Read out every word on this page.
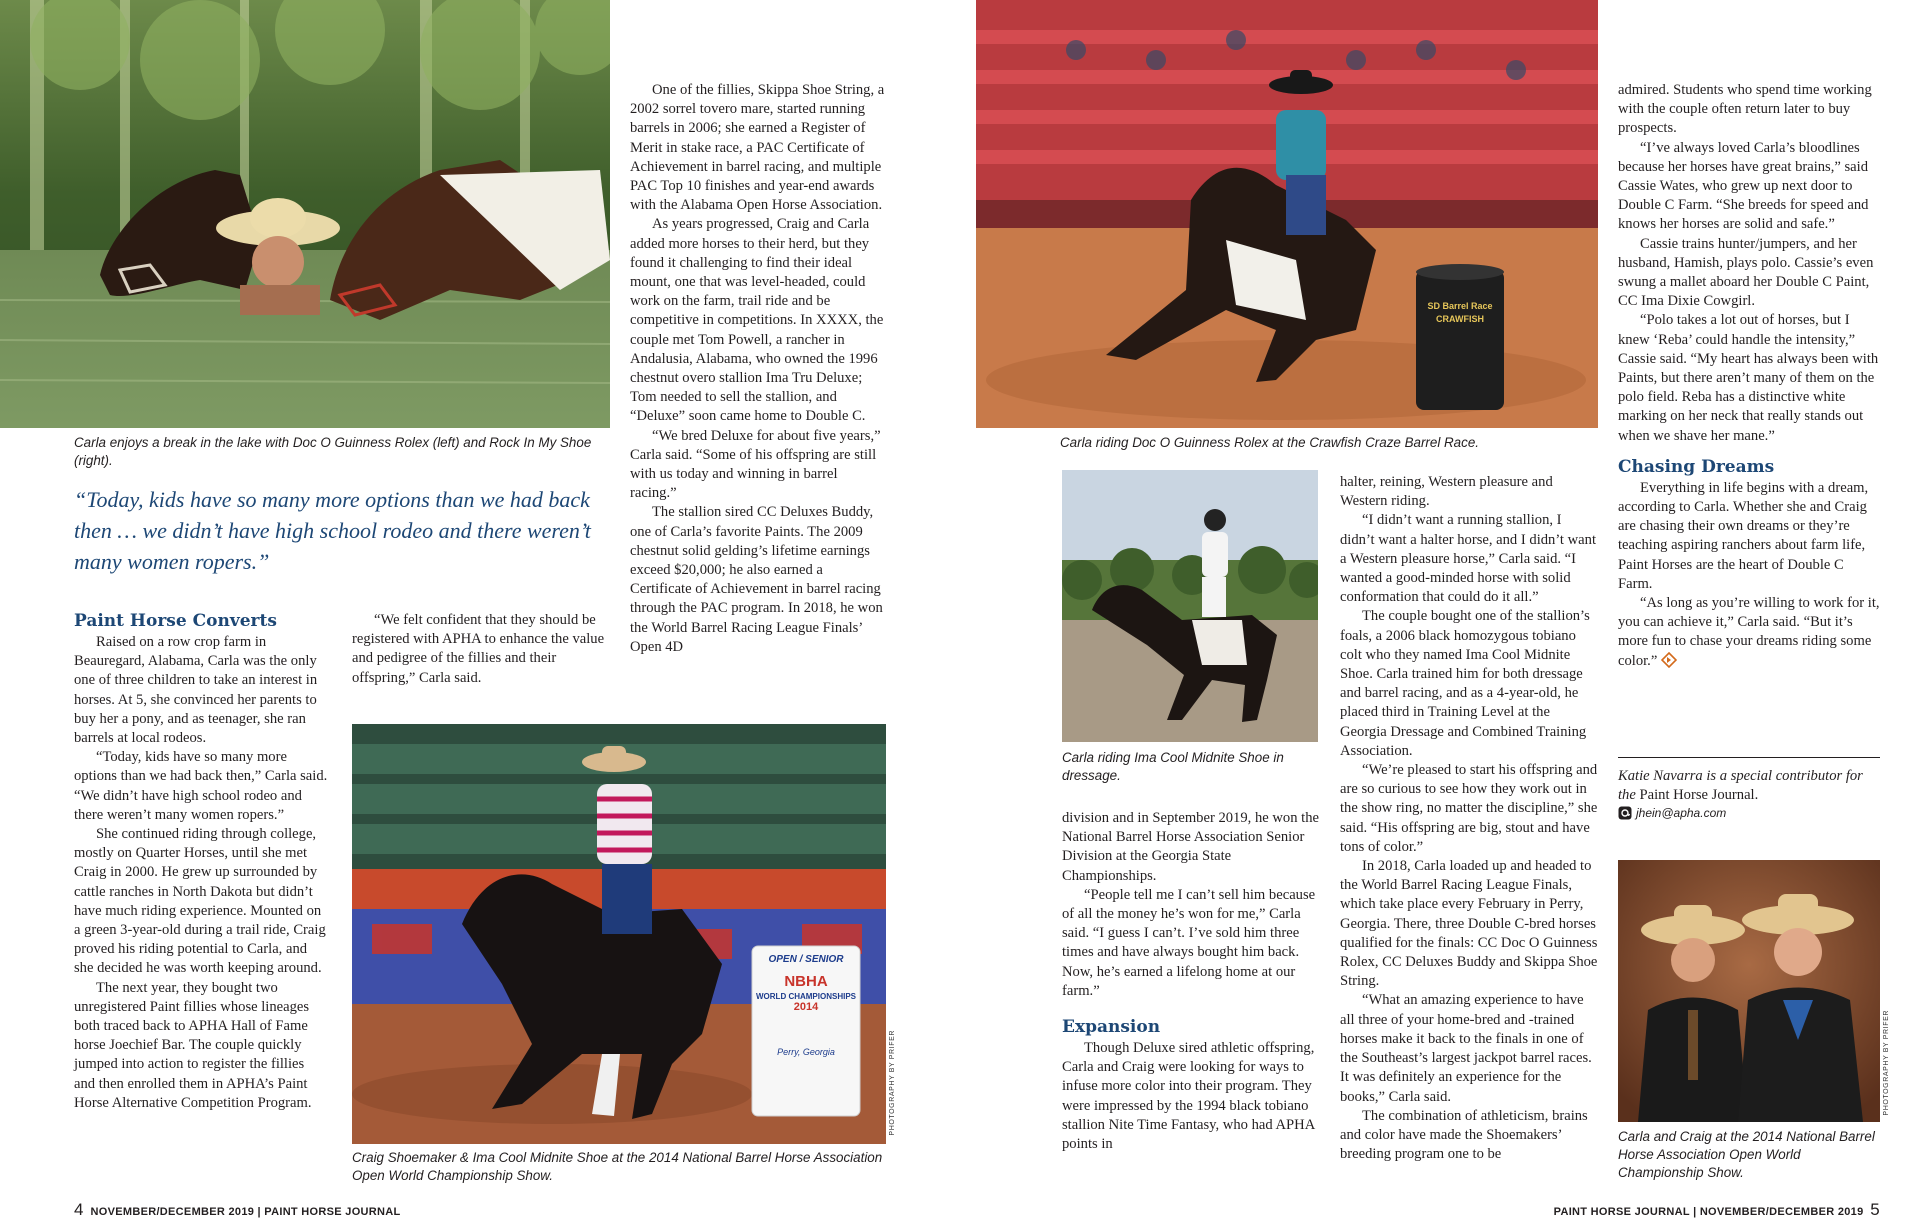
Carla enjoys a break in the lake with Doc O Guinness Rolex (left) and Rock In My Shoe (right).
“Today, kids have so many more options than we had back then … we didn’t have high school rodeo and there weren’t many women ropers.”
Paint Horse Converts

Raised on a row crop farm in Beauregard, Alabama, Carla was the only one of three children to take an interest in horses. At 5, she convinced her parents to buy her a pony, and as teenager, she ran barrels at local rodeos.

“Today, kids have so many more options than we had back then,” Carla said. “We didn’t have high school rodeo and there weren’t many women ropers.”

She continued riding through college, mostly on Quarter Horses, until she met Craig in 2000. He grew up surrounded by cattle ranches in North Dakota but didn’t have much riding experience. Mounted on a green 3-year-old during a trail ride, Craig proved his riding potential to Carla, and she decided he was worth keeping around.

The next year, they bought two unregistered Paint fillies whose lineages both traced back to APHA Hall of Fame horse Joechief Bar. The couple quickly jumped into action to register the fillies and then enrolled them in APHA’s Paint Horse Alternative Competition Program.

“We felt confident that they should be registered with APHA to enhance the value and pedigree of the fillies and their offspring,” Carla said.

One of the fillies, Skippa Shoe String, a 2002 sorrel tovero mare, started running barrels in 2006; she earned a Register of Merit in stake race, a PAC Certificate of Achievement in barrel racing, and multiple PAC Top 10 finishes and year-end awards with the Alabama Open Horse Association.

As years progressed, Craig and Carla added more horses to their herd, but they found it challenging to find their ideal mount, one that was level-headed, could work on the farm, trail ride and be competitive in competitions. In XXXX, the couple met Tom Powell, a rancher in Andalusia, Alabama, who owned the 1996 chestnut overo stallion Ima Tru Deluxe; Tom needed to sell the stallion, and “Deluxe” soon came home to Double C.

“We bred Deluxe for about five years,” Carla said. “Some of his offspring are still with us today and winning in barrel racing.”

The stallion sired CC Deluxes Buddy, one of Carla’s favorite Paints. The 2009 chestnut solid gelding’s lifetime earnings exceed $20,000; he also earned a Certificate of Achievement in barrel racing through the PAC program. In 2018, he won the World Barrel Racing League Finals’ Open 4D

OPEN / SENIOR
NBHA
WORLD CHAMPIONSHIPS
2014
Perry, Georgia	PHOTOGRAPHY BY PRIFER
Craig Shoemaker & Ima Cool Midnite Shoe at the 2014 National Barrel Horse Association Open World Championship Show.
4 NOVEMBER/DECEMBER 2019 | PAINT HORSE JOURNAL
SD Barrel Race CRAWFISH
Carla riding Doc O Guinness Rolex at the Crawfish Craze Barrel Race.
Carla riding Ima Cool Midnite Shoe in dressage.

division and in September 2019, he won the National Barrel Horse Association Senior Division at the Georgia State Championships.

“People tell me I can’t sell him because of all the money he’s won for me,” Carla said. “I guess I can’t. I’ve sold him three times and have always bought him back. Now, he’s earned a lifelong home at our farm.”

Expansion

Though Deluxe sired athletic offspring, Carla and Craig were looking for ways to infuse more color into their program. They were impressed by the 1994 black tobiano stallion Nite Time Fantasy, who had APHA points in

halter, reining, Western pleasure and Western riding.

“I didn’t want a running stallion, I didn’t want a halter horse, and I didn’t want a Western pleasure horse,” Carla said. “I wanted a good-minded horse with solid conformation that could do it all.”

The couple bought one of the stallion’s foals, a 2006 black homozygous tobiano colt who they named Ima Cool Midnite Shoe. Carla trained him for both dressage and barrel racing, and as a 4-year-old, he placed third in Training Level at the Georgia Dressage and Combined Training Association.

“We’re pleased to start his offspring and are so curious to see how they work out in the show ring, no matter the discipline,” she said. “His offspring are big, stout and have tons of color.”

In 2018, Carla loaded up and headed to the World Barrel Racing League Finals, which take place every February in Perry, Georgia. There, three Double C-bred horses qualified for the finals: CC Doc O Guinness Rolex, CC Deluxes Buddy and Skippa Shoe String.

“What an amazing experience to have all three of your home-bred and -trained horses make it back to the finals in one of the Southeast’s largest jackpot barrel races. It was definitely an experience for the books,” Carla said.

The combination of athleticism, brains and color have made the Shoemakers’ breeding program one to be

admired. Students who spend time working with the couple often return later to buy prospects.

“I’ve always loved Carla’s bloodlines because her horses have great brains,” said Cassie Wates, who grew up next door to Double C Farm. “She breeds for speed and knows her horses are solid and safe.”

Cassie trains hunter/jumpers, and her husband, Hamish, plays polo. Cassie’s even swung a mallet aboard her Double C Paint, CC Ima Dixie Cowgirl.

“Polo takes a lot out of horses, but I knew ‘Reba’ could handle the intensity,” Cassie said. “My heart has always been with Paints, but there aren’t many of them on the polo field. Reba has a distinctive white marking on her neck that really stands out when we shave her mane.”

Chasing Dreams

Everything in life begins with a dream, according to Carla. Whether she and Craig are chasing their own dreams or they’re teaching aspiring ranchers about farm life, Paint Horses are the heart of Double C Farm.

“As long as you’re willing to work for it, you can achieve it,” Carla said. “But it’s more fun to chase your dreams riding some color.”

Katie Navarra is a special contributor for the Paint Horse Journal.
jhein@apha.com
PHOTOGRAPHY BY PRIFER
Carla and Craig at the 2014 National Barrel Horse Association Open World Championship Show.
PAINT HORSE JOURNAL | NOVEMBER/DECEMBER 2019 5
